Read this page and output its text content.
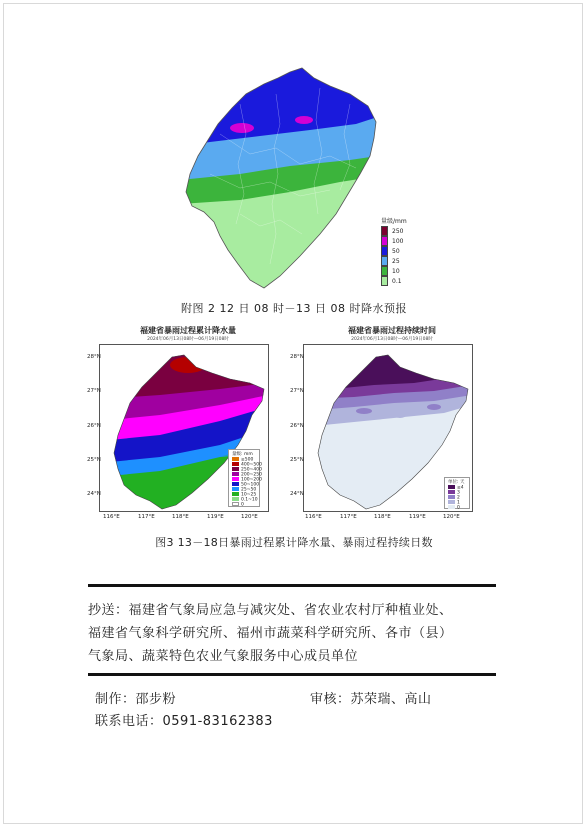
量级/mm
250
100
50
25
10
0.1
附图 2 12 日 08 时－13 日 08 时降水预报
福建省暴雨过程累计降水量
2024年06月13日08时—06月19日08时
量级: mm
≥500
400~500
250~400
200~250
100~200
50~100
25~50
10~25
0.1~10
0
28°N
27°N
26°N
25°N
24°N
116°E	117°E	118°E	119°E	120°E
福建省暴雨过程持续时间
2024年06月13日08时—06月19日08时
单位: 天
≥4
3
2
1
0
28°N
27°N
26°N
25°N
24°N
116°E	117°E	118°E	119°E	120°E
图3 13－18日暴雨过程累计降水量、暴雨过程持续日数
抄送：福建省气象局应急与减灾处、省农业农村厅种植业处、
福建省气象科学研究所、福州市蔬菜科学研究所、各市（县）
气象局、蔬菜特色农业气象服务中心成员单位
制作：邵步粉	审核：苏荣瑞、高山
联系电话：0591-83162383
